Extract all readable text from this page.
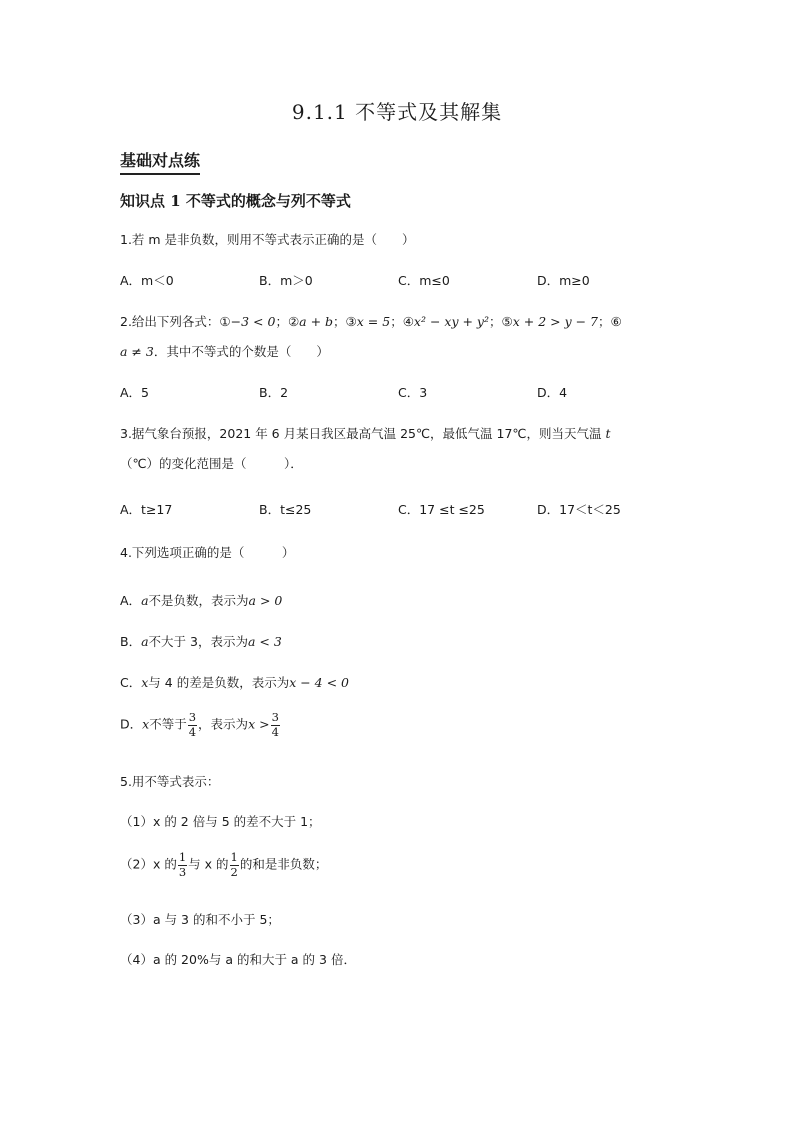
9.1.1 不等式及其解集
基础对点练
知识点 1 不等式的概念与列不等式
1.若 m 是非负数，则用不等式表示正确的是（　　）
A．m＜0	B．m＞0	C．m≤0	D．m≥0
2.给出下列各式：①−3 < 0；②a + b；③x = 5；④x² − xy + y²；⑤x + 2 > y − 7；⑥
a ≠ 3．其中不等式的个数是（　　）
A．5	B．2	C．3	D．4
3.据气象台预报，2021 年 6 月某日我区最高气温 25℃，最低气温 17℃，则当天气温 t
（℃）的变化范围是（　　　）．
A．t≥17	B．t≤25	C．17 ≤t ≤25	D．17＜t＜25
4.下列选项正确的是（　　　）
A．a不是负数，表示为a > 0
B．a不大于 3，表示为a < 3
C．x与 4 的差是负数，表示为x − 4 < 0
D．x不等于 $\frac{3}{4}$ ，表示为$x > \frac{3}{4}$
5.用不等式表示：
（1）x 的 2 倍与 5 的差不大于 1；
（2）x 的 $\frac{1}{3}$ 与 x 的 $\frac{1}{2}$ 的和是非负数；
（3）a 与 3 的和不小于 5；
（4）a 的 20%与 a 的和大于 a 的 3 倍．
